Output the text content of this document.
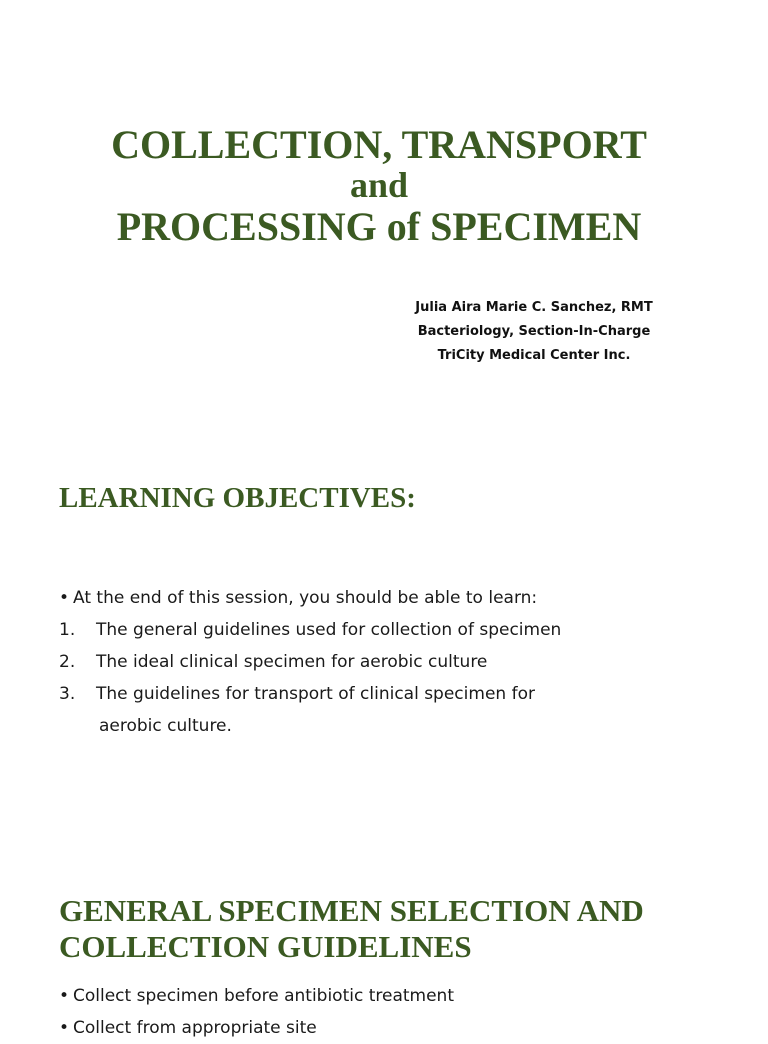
COLLECTION, TRANSPORT
and
PROCESSING of SPECIMEN
Julia Aira Marie C. Sanchez, RMT
Bacteriology, Section-In-Charge
TriCity Medical Center Inc.
LEARNING OBJECTIVES:
• At the end of this session, you should be able to learn:
1. The general guidelines used for collection of specimen
2. The ideal clinical specimen for aerobic culture
3. The guidelines for transport of clinical specimen for
aerobic culture.
GENERAL SPECIMEN SELECTION AND
COLLECTION GUIDELINES
• Collect specimen before antibiotic treatment
• Collect from appropriate site
